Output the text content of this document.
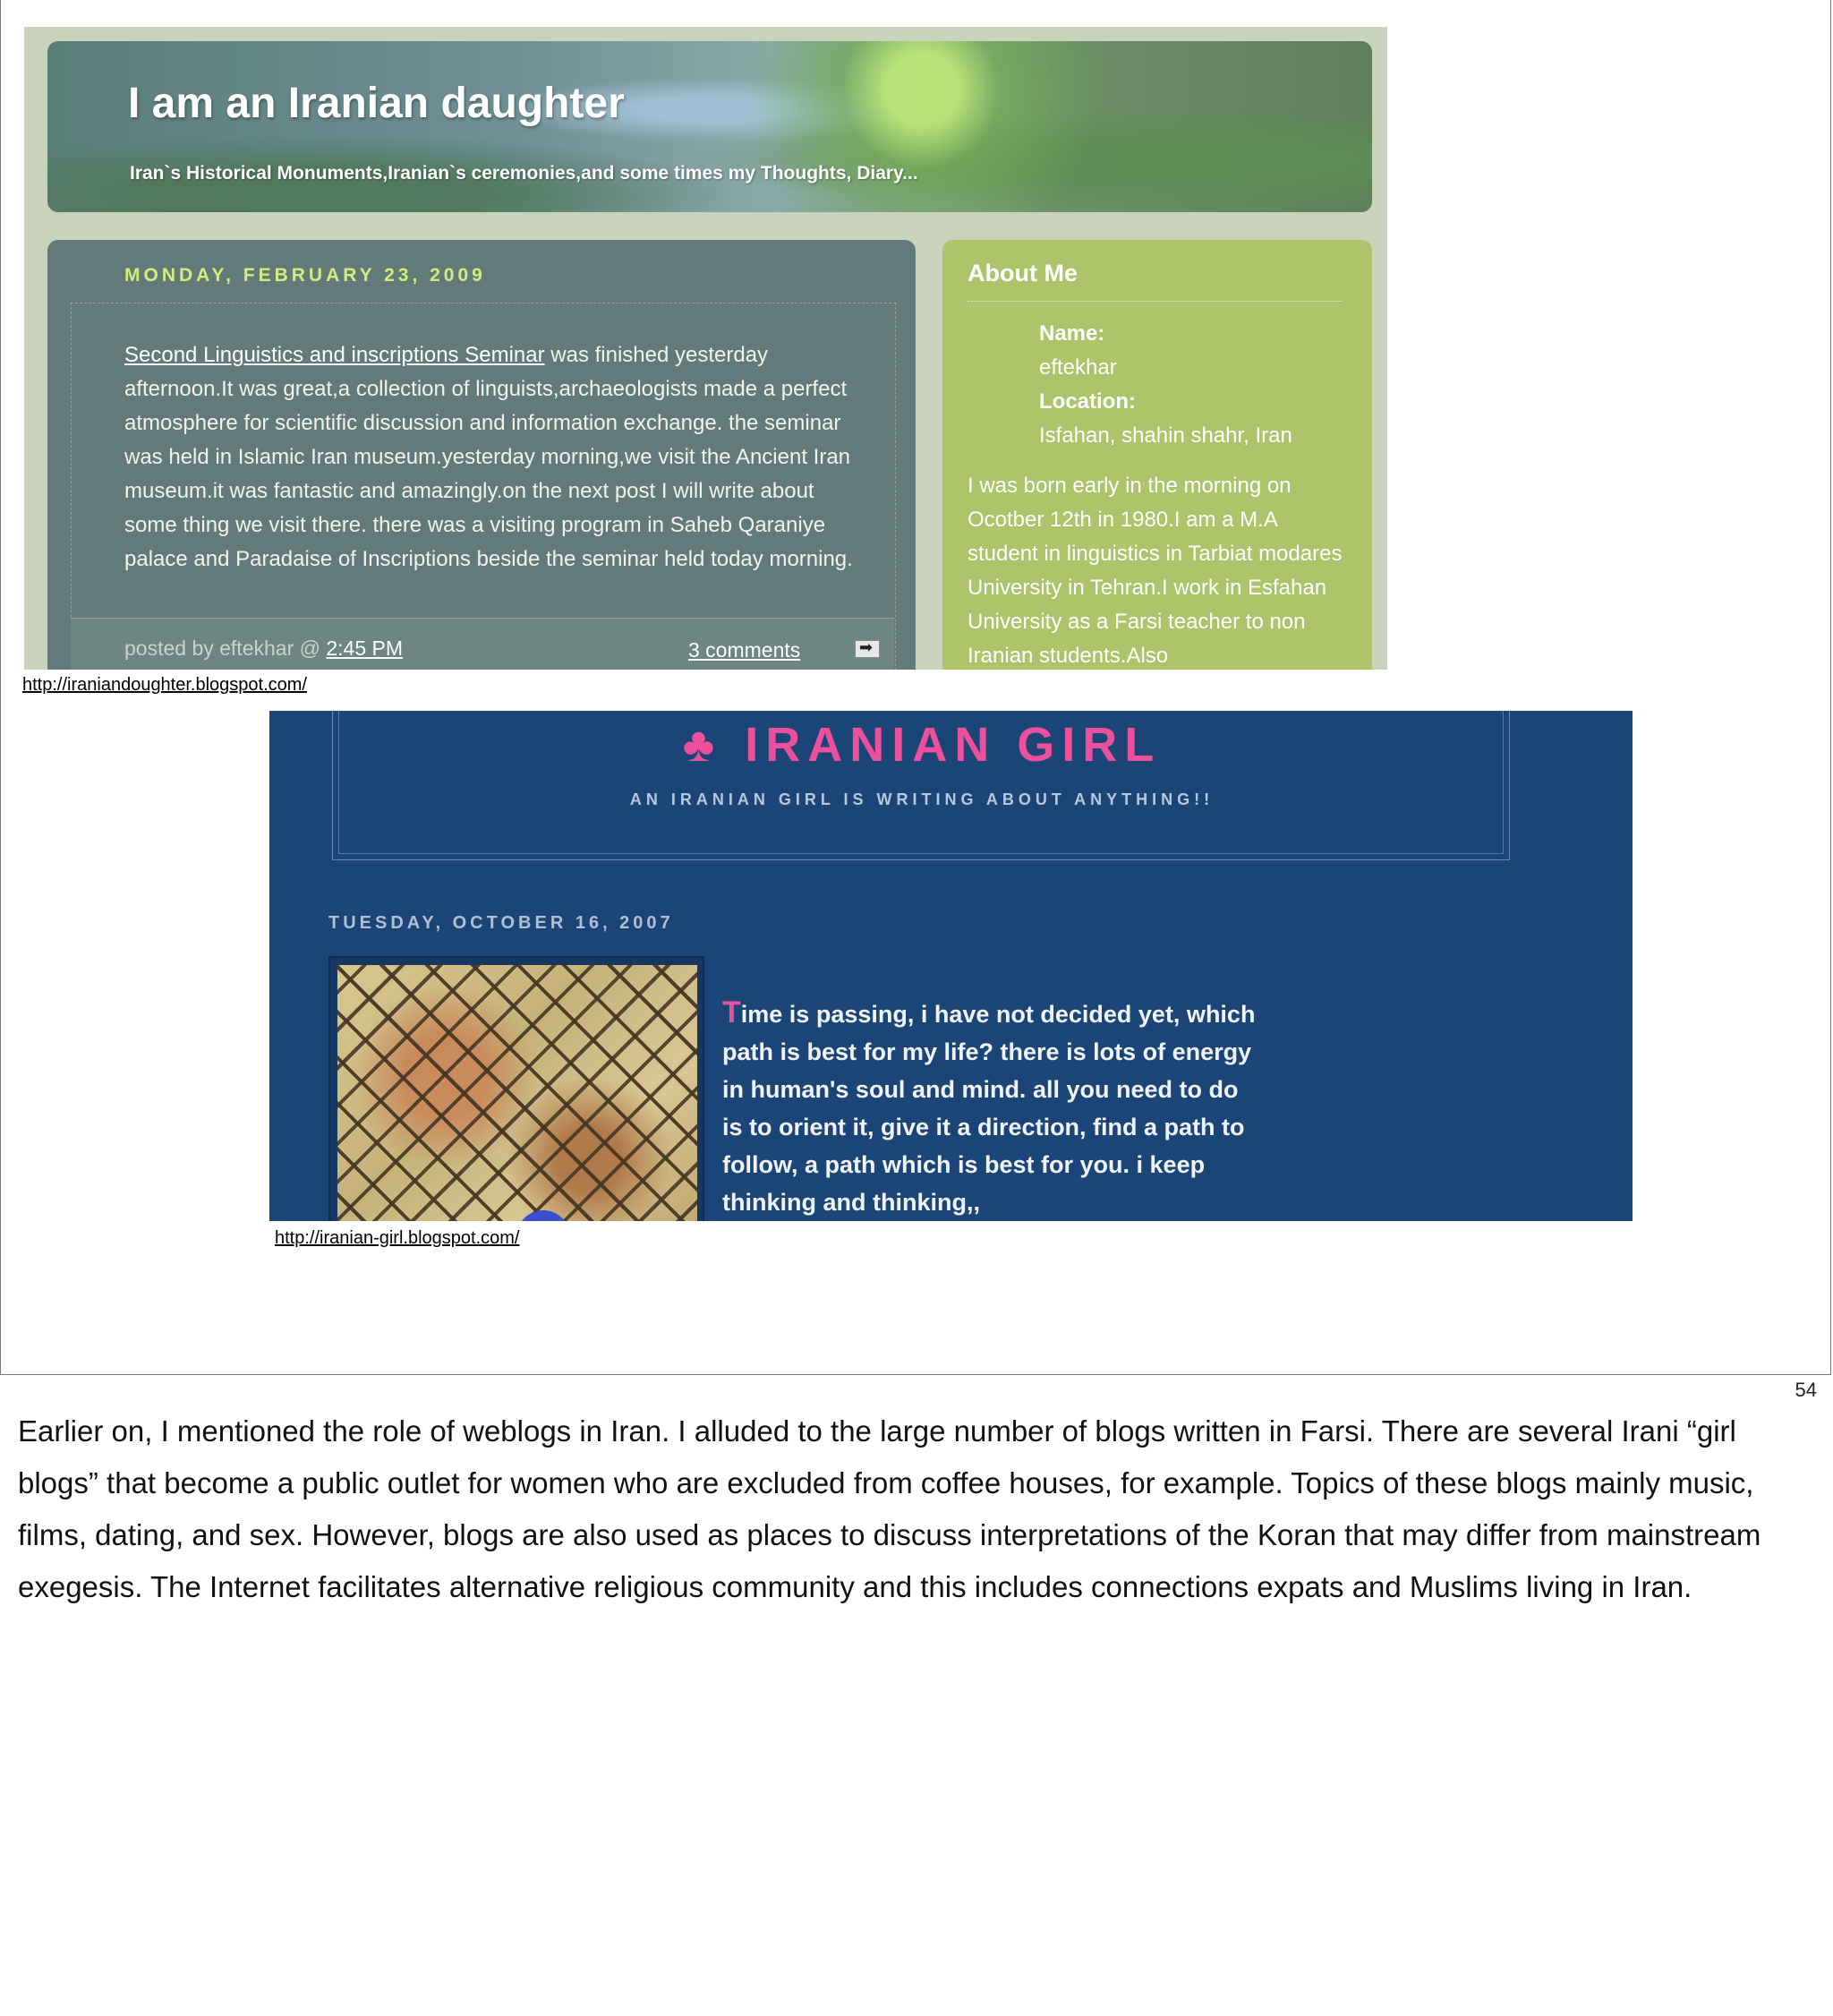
I am an Iranian daughter
Iran`s Historical Monuments,Iranian`s ceremonies,and some times my Thoughts, Diary...
MONDAY, FEBRUARY 23, 2009
Second Linguistics and inscriptions Seminar was finished yesterday afternoon.It was great,a collection of linguists,archaeologists made a perfect atmosphere for scientific discussion and information exchange. the seminar was held in Islamic Iran museum.yesterday morning,we visit the Ancient Iran museum.it was fantastic and amazingly.on the next post I will write about some thing we visit there. there was a visiting program in Saheb Qaraniye palace and Paradaise of Inscriptions beside the seminar held today morning.
posted by eftekhar @ 2:45 PM	3 comments
➡
About Me
Name:
eftekhar
Location:
Isfahan, shahin shahr, Iran
I was born early in the morning on Ocotber 12th in 1980.I am a M.A student in linguistics in Tarbiat modares University in Tehran.I work in Esfahan University as a Farsi teacher to non Iranian students.Also
http://iraniandoughter.blogspot.com/
♣ IRANIAN GIRL
AN IRANIAN GIRL IS WRITING ABOUT ANYTHING!!
TUESDAY, OCTOBER 16, 2007
Time is passing, i have not decided yet, which path is best for my life? there is lots of energy in human's soul and mind. all you need to do is to orient it, give it a direction, find a path to follow, a path which is best for you. i keep thinking and thinking,,
http://iranian-girl.blogspot.com/
54
Earlier on, I mentioned the role of weblogs in Iran. I alluded to the large number of blogs written in Farsi. There are several Irani “girl blogs” that become a public outlet for women who are excluded from coffee houses, for example. Topics of these blogs mainly music, films, dating, and sex. However, blogs are also used as places to discuss interpretations of the Koran that may differ from mainstream exegesis. The Internet facilitates alternative religious community and this includes connections expats and Muslims living in Iran.
